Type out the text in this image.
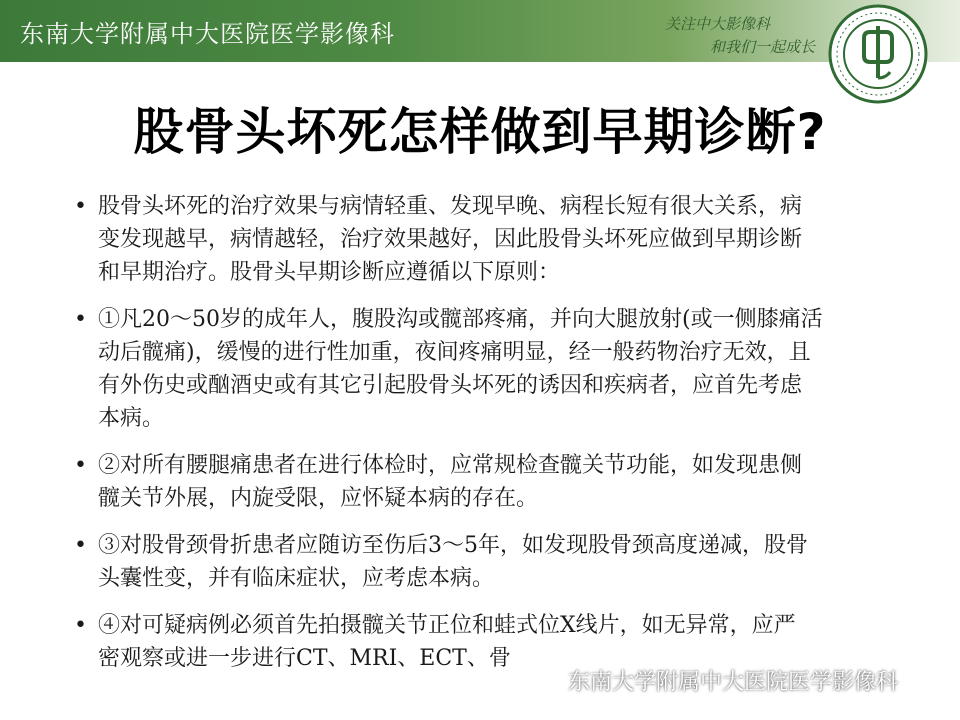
东南大学附属中大医院医学影像科	关注中大影像科
和我们一起成长
股骨头坏死怎样做到早期诊断?
• 股骨头坏死的治疗效果与病情轻重、发现早晚、病程长短有很大关系，病
变发现越早，病情越轻，治疗效果越好，因此股骨头坏死应做到早期诊断
和早期治疗。股骨头早期诊断应遵循以下原则：
• ①凡20～50岁的成年人，腹股沟或髋部疼痛，并向大腿放射(或一侧膝痛活
动后髋痛)，缓慢的进行性加重，夜间疼痛明显，经一般药物治疗无效，且
有外伤史或酗酒史或有其它引起股骨头坏死的诱因和疾病者，应首先考虑
本病。
• ②对所有腰腿痛患者在进行体检时，应常规检查髋关节功能，如发现患侧
髋关节外展，内旋受限，应怀疑本病的存在。
• ③对股骨颈骨折患者应随访至伤后3～5年，如发现股骨颈高度递减，股骨
头囊性变，并有临床症状，应考虑本病。
• ④对可疑病例必须首先拍摄髋关节正位和蛙式位X线片，如无异常，应严
密观察或进一步进行CT、MRI、ECT、骨
东南大学附属中大医院医学影像科
